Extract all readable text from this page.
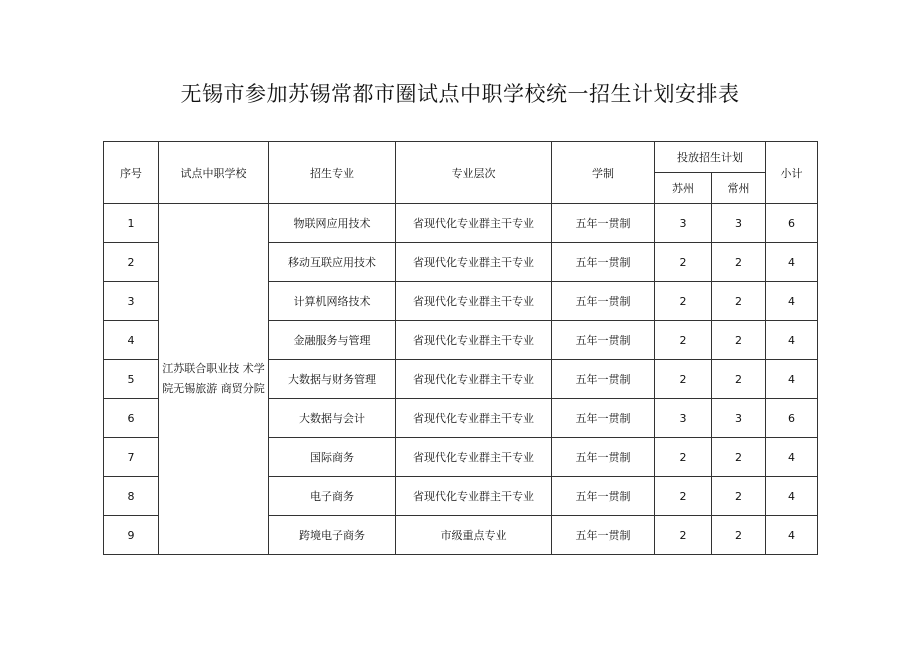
无锡市参加苏锡常都市圈试点中职学校统一招生计划安排表
序号	试点中职学校	招生专业	专业层次	学制	投放招生计划		小计
					苏州	常州	
1	江苏联合职业技 术学院无锡旅游 商贸分院	物联网应用技术	省现代化专业群主干专业	五年一贯制	3	3	6
2		移动互联应用技术	省现代化专业群主干专业	五年一贯制	2	2	4
3		计算机网络技术	省现代化专业群主干专业	五年一贯制	2	2	4
4		金融服务与管理	省现代化专业群主干专业	五年一贯制	2	2	4
5		大数据与财务管理	省现代化专业群主干专业	五年一贯制	2	2	4
6		大数据与会计	省现代化专业群主干专业	五年一贯制	3	3	6
7		国际商务	省现代化专业群主干专业	五年一贯制	2	2	4
8		电子商务	省现代化专业群主干专业	五年一贯制	2	2	4
9		跨境电子商务	市级重点专业	五年一贯制	2	2	4
